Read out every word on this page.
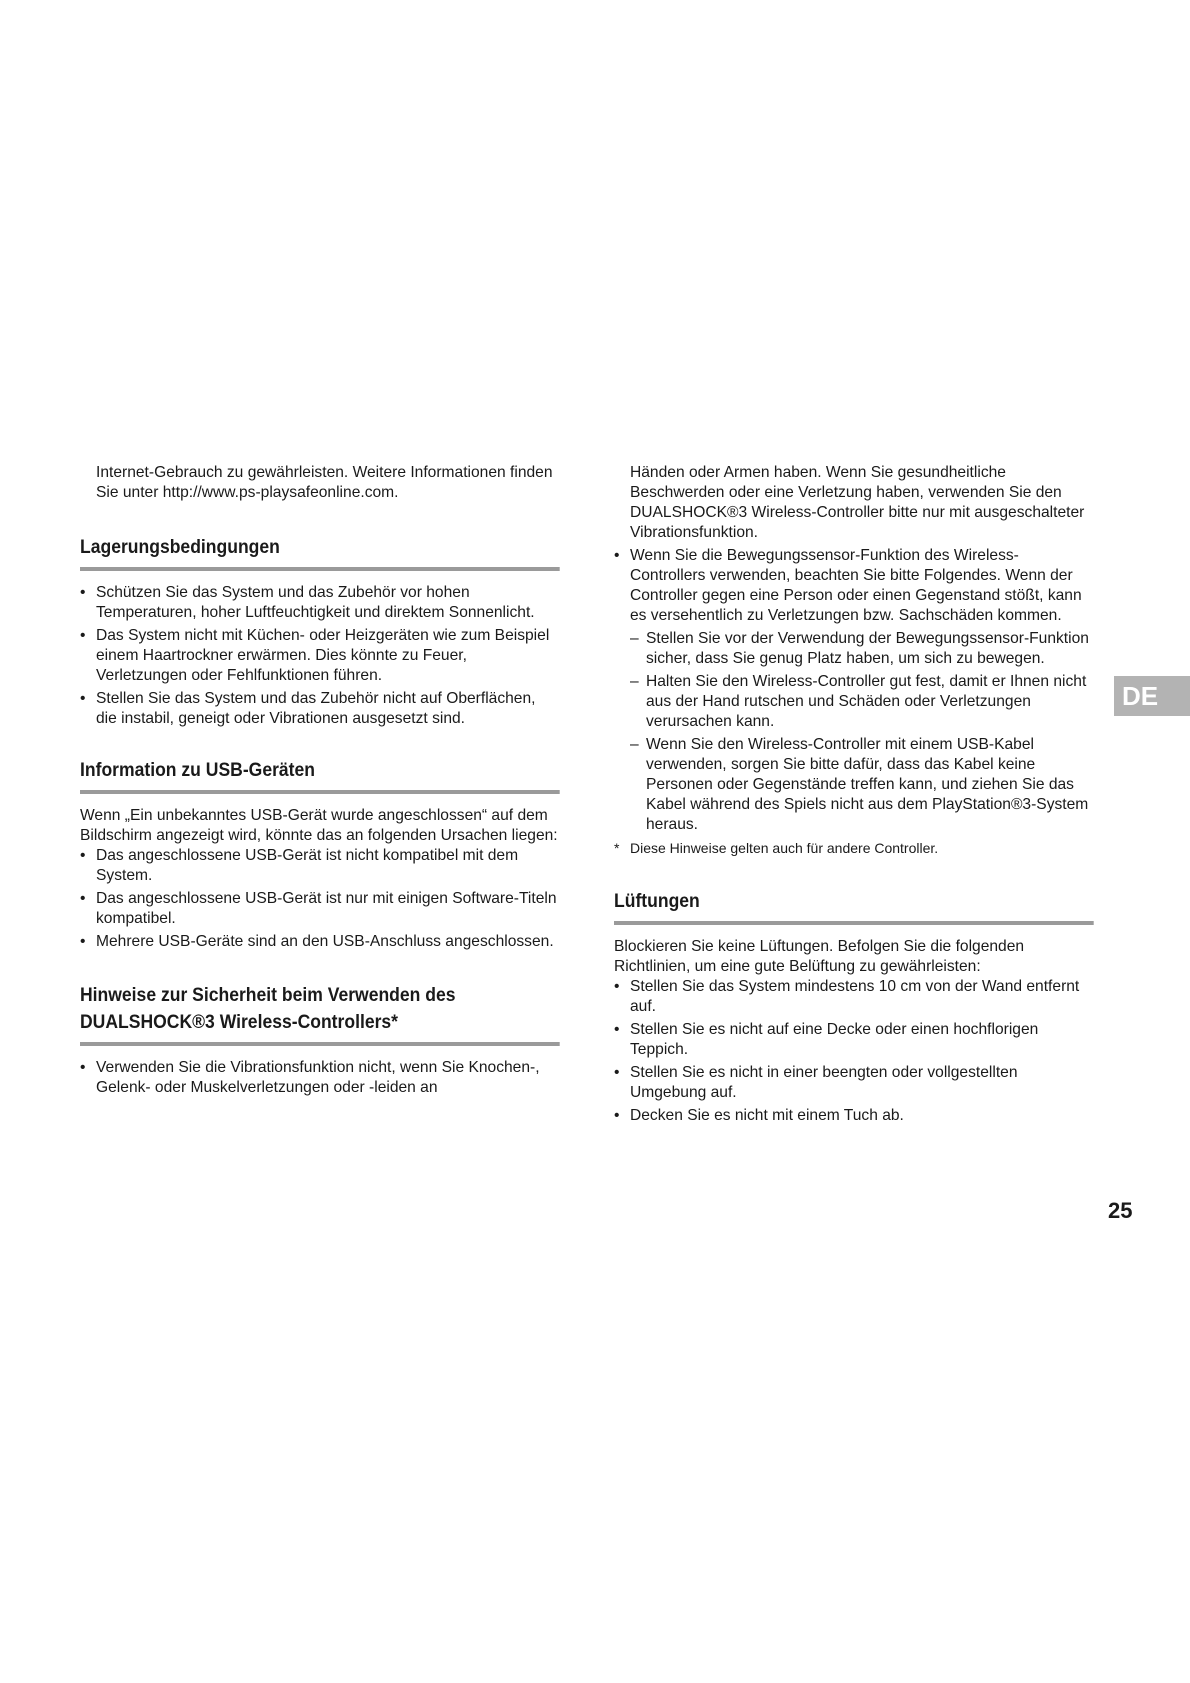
Internet-Gebrauch zu gewährleisten. Weitere Informationen finden Sie unter http://www.ps-playsafeonline.com.

Lagerungsbedingungen
• Schützen Sie das System und das Zubehör vor hohen Temperaturen, hoher Luftfeuchtigkeit und direktem Sonnenlicht.
• Das System nicht mit Küchen- oder Heizgeräten wie zum Beispiel einem Haartrockner erwärmen. Dies könnte zu Feuer, Verletzungen oder Fehlfunktionen führen.
• Stellen Sie das System und das Zubehör nicht auf Oberflächen, die instabil, geneigt oder Vibrationen ausgesetzt sind.
Information zu USB-Geräten

Wenn „Ein unbekanntes USB-Gerät wurde angeschlossen“ auf dem Bildschirm angezeigt wird, könnte das an folgenden Ursachen liegen:

• Das angeschlossene USB-Gerät ist nicht kompatibel mit dem System.
• Das angeschlossene USB-Gerät ist nur mit einigen Software-Titeln kompatibel.
• Mehrere USB-Geräte sind an den USB-Anschluss angeschlossen.
Hinweise zur Sicherheit beim Verwenden des
DUALSHOCK®3 Wireless-Controllers*
• Verwenden Sie die Vibrationsfunktion nicht, wenn Sie Knochen-, Gelenk- oder Muskelverletzungen oder -leiden an

Händen oder Armen haben. Wenn Sie gesundheitliche Beschwerden oder eine Verletzung haben, verwenden Sie den DUALSHOCK®3 Wireless-Controller bitte nur mit ausgeschalteter Vibrationsfunktion.

• Wenn Sie die Bewegungssensor-Funktion des Wireless-Controllers verwenden, beachten Sie bitte Folgendes. Wenn der Controller gegen eine Person oder einen Gegenstand stößt, kann es versehentlich zu Verletzungen bzw. Sachschäden kommen.
– Stellen Sie vor der Verwendung der Bewegungssensor-Funktion sicher, dass Sie genug Platz haben, um sich zu bewegen.
– Halten Sie den Wireless-Controller gut fest, damit er Ihnen nicht aus der Hand rutschen und Schäden oder Verletzungen verursachen kann.
– Wenn Sie den Wireless-Controller mit einem USB-Kabel verwenden, sorgen Sie bitte dafür, dass das Kabel keine Personen oder Gegenstände treffen kann, und ziehen Sie das Kabel während des Spiels nicht aus dem PlayStation®3-System heraus.
* Diese Hinweise gelten auch für andere Controller.
Lüftungen

Blockieren Sie keine Lüftungen. Befolgen Sie die folgenden Richtlinien, um eine gute Belüftung zu gewährleisten:

• Stellen Sie das System mindestens 10 cm von der Wand entfernt auf.
• Stellen Sie es nicht auf eine Decke oder einen hochflorigen Teppich.
• Stellen Sie es nicht in einer beengten oder vollgestellten Umgebung auf.
• Decken Sie es nicht mit einem Tuch ab.
DE
25
